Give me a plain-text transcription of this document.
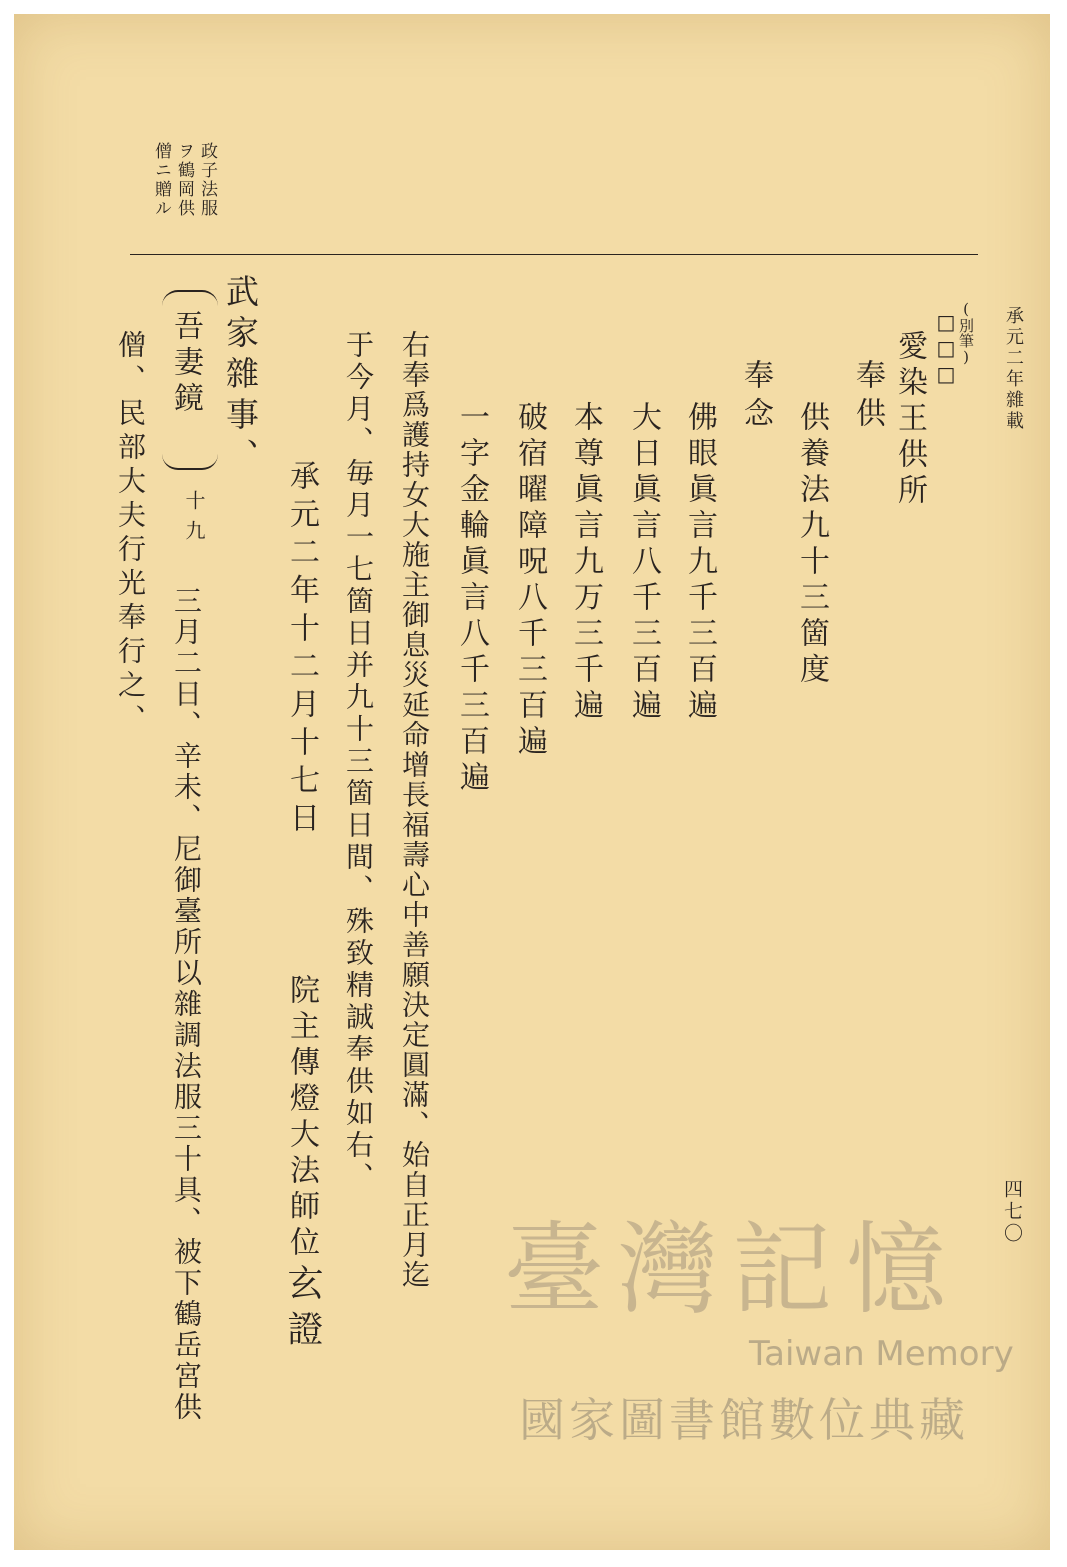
承元二年雜載
四七〇
政子法服
ヲ鶴岡供
僧ニ贈ル
(別筆)
□□□
愛染王供所
奉供
供養法九十三箇度
奉念
佛眼眞言九千三百遍
大日眞言八千三百遍
本尊眞言九万三千遍
破宿曜障呪八千三百遍
一字金輪眞言八千三百遍
右奉爲護持女大施主御息災延命增長福壽心中善願決定圓滿、始自正月迄
于今月、毎月一七箇日并九十三箇日間、殊致精誠奉供如右、
承元二年十二月十七日
院主傳燈大法師位
玄證
武家雜事、
吾妻鏡
十九
三月二日、辛未、尼御臺所以雜調法服三十具、被下鶴岳宮供
僧、民部大夫行光奉行之、
臺灣記憶
Taiwan Memory
國家圖書館數位典藏
